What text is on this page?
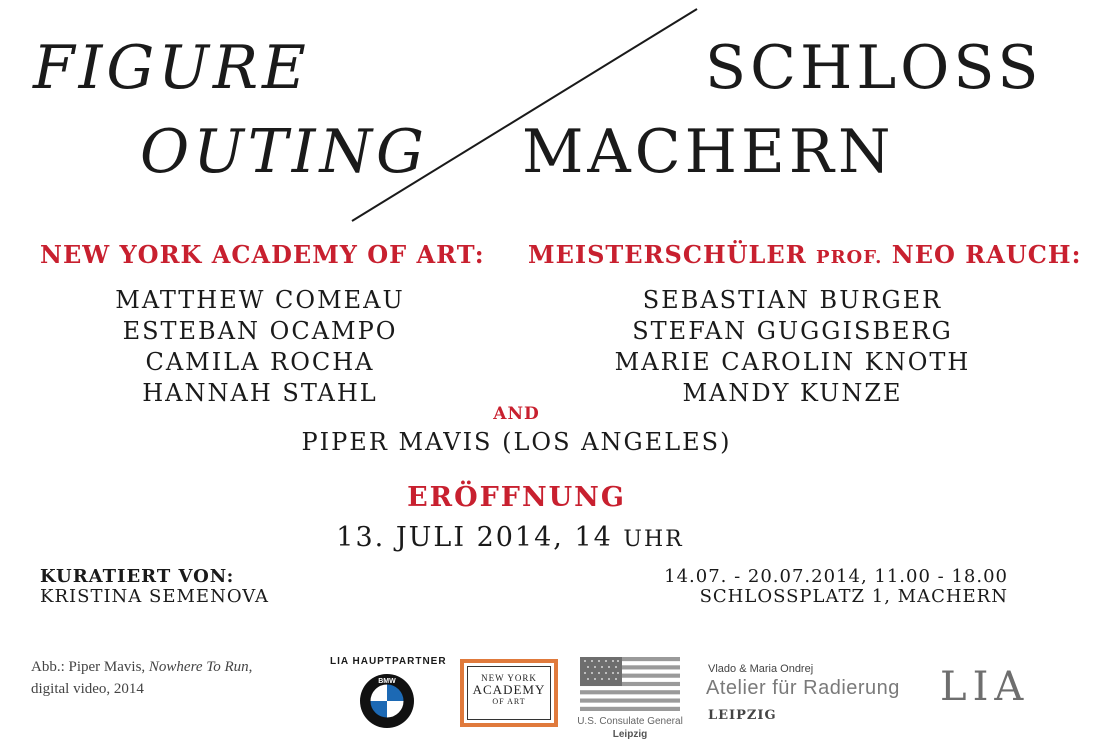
FIGURE
OUTING
SCHLOSS
MACHERN
NEW YORK ACADEMY OF ART: MEISTERSCHÜLER PROF. NEO RAUCH:
MATTHEW COMEAU
ESTEBAN OCAMPO
CAMILA ROCHA
HANNAH STAHL
SEBASTIAN BURGER
STEFAN GUGGISBERG
MARIE CAROLIN KNOTH
MANDY KUNZE
AND
PIPER MAVIS (LOS ANGELES)
ERÖFFNUNG
13. JULI 2014, 14 UHR
KURATIERT VON:
KRISTINA SEMENOVA
14.07. - 20.07.2014, 11.00 - 18.00
SCHLOSSPLATZ 1, MACHERN
Abb.: Piper Mavis, Nowhere To Run,
digital video, 2014
LIA HAUPTPARTNER
BMW	NEW YORK
ACADEMY
OF ART
U.S. Consulate General
Leipzig
Vlado & Maria Ondrej
Atelier für Radierung
LEIPZIG
LIA
